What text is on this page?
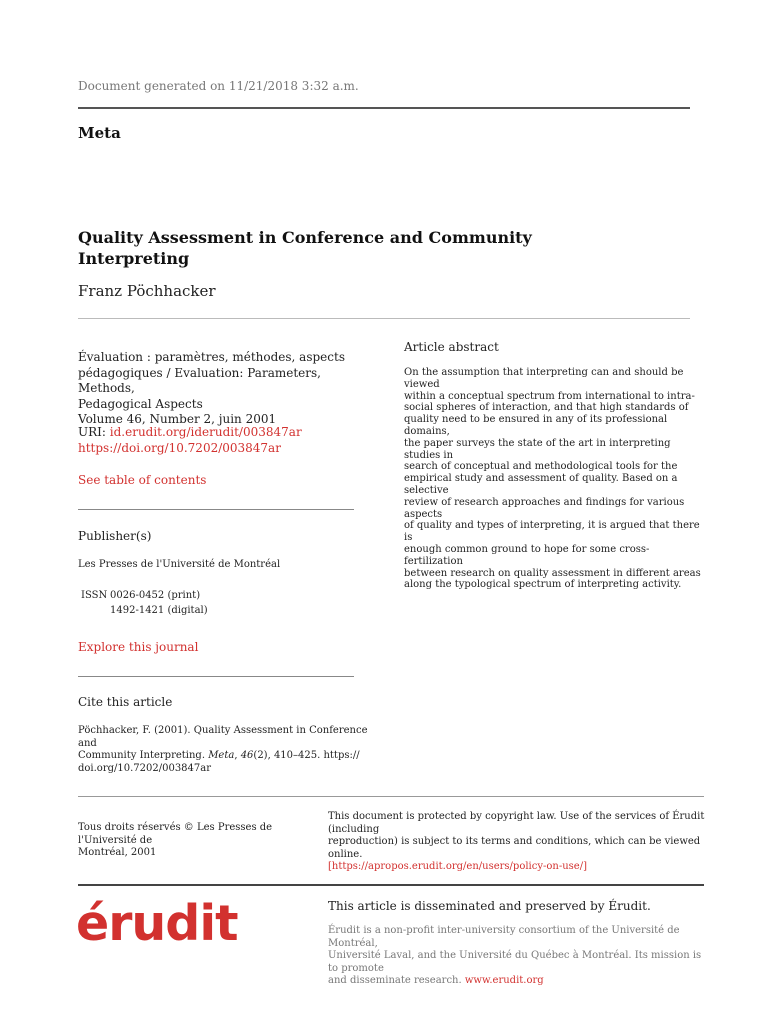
Document generated on 11/21/2018 3:32 a.m.
Meta
Quality Assessment in Conference and Community
Interpreting
Franz Pöchhacker
Évaluation : paramètres, méthodes, aspects
pédagogiques / Evaluation: Parameters, Methods,
Pedagogical Aspects
Volume 46, Number 2, juin 2001
URI: id.erudit.org/iderudit/003847ar
https://doi.org/10.7202/003847ar
See table of contents
Publisher(s)
Les Presses de l'Université de Montréal
ISSN 0026-0452 (print)
1492-1421 (digital)
Explore this journal
Cite this article
Pöchhacker, F. (2001). Quality Assessment in Conference and
Community Interpreting. Meta, 46(2), 410–425. https://
doi.org/10.7202/003847ar
Article abstract
On the assumption that interpreting can and should be viewed
within a conceptual spectrum from international to intra-
social spheres of interaction, and that high standards of
quality need to be ensured in any of its professional domains,
the paper surveys the state of the art in interpreting studies in
search of conceptual and methodological tools for the
empirical study and assessment of quality. Based on a selective
review of research approaches and findings for various aspects
of quality and types of interpreting, it is argued that there is
enough common ground to hope for some cross-fertilization
between research on quality assessment in different areas
along the typological spectrum of interpreting activity.
Tous droits réservés © Les Presses de l'Université de
Montréal, 2001
This document is protected by copyright law. Use of the services of Érudit (including
reproduction) is subject to its terms and conditions, which can be viewed online.
[https://apropos.erudit.org/en/users/policy-on-use/]
érudit	This article is disseminated and preserved by Érudit.
Érudit is a non-profit inter-university consortium of the Université de Montréal,
Université Laval, and the Université du Québec à Montréal. Its mission is to promote
and disseminate research. www.erudit.org
